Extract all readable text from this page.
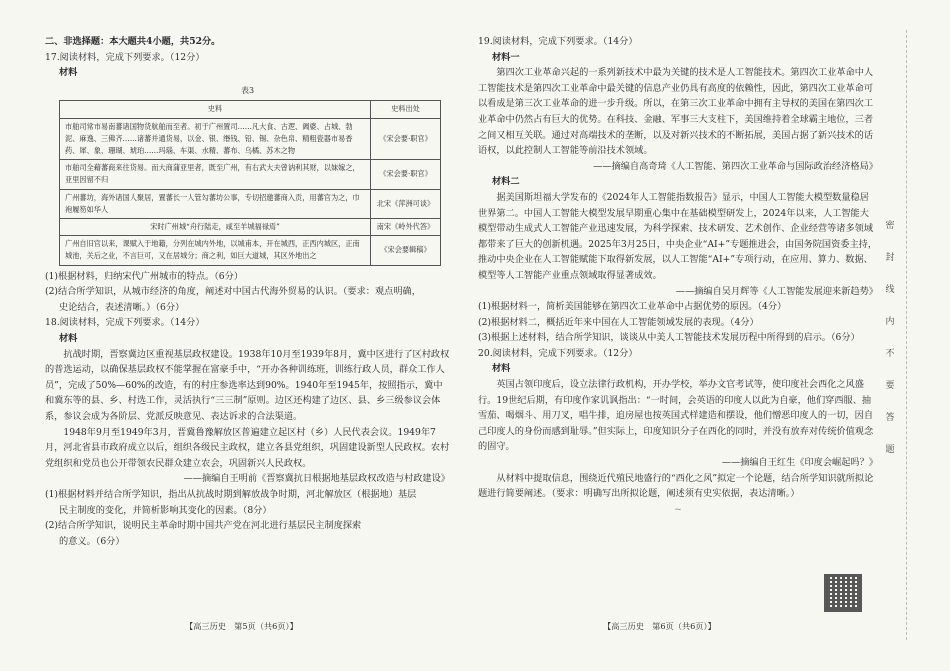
二、非选择题：本大题共4小题，共52分。
17.阅读材料，完成下列要求。（12分）
材料
表3
史料	史料出处
市舶司常市易南蕃诸国物货航舶而至者。初于广州置司……凡大食、古逻、阇婆、占城、勃泥、麻逸、三佛齐……诸蕃并通货易，以金、银、缗钱、铅、锡、杂色帛、精粗瓷器市易香药、犀、象、珊瑚、琥珀……玛瑙、车渠、水精、蕃布、乌橘、苏木之物	《宋会要·职官》
市舶司全藉蕃商来往货易。而大商蒲亚里者，既至广州，有右武大夫曾讷利其财，以妹嫁之，亚里因留不归	《宋会要·职官》
广州蕃坊，海外诸国人聚居，置蕃长一人管勾蕃坊公事，专切招邀蕃商入贡，用蕃官为之，巾袍履笏如华人	北宋《萍洲可谈》
宋时广州城“舟行陆走，咸至羊城福禄焉”	南宋《岭外代答》
广州自旧官以来，课赋入于地籍，分列在城内外地，以城甫本，开在城西，正西内城区，正南城池，关后之业，不言巨可，又在居城分；商之利，如巨大道城，其区外地出之	《宋会要辑稿》
(1)根据材料，归纳宋代广州城市的特点。（6分）
(2)结合所学知识，从城市经济的角度，阐述对中国古代海外贸易的认识。（要求：观点明确，
史论结合，表述清晰。）（6分）
18.阅读材料，完成下列要求。（14分）
材料
抗战时期，晋察冀边区重视基层政权建设。1938年10月至1939年8月，冀中区进行了区村政权的普选运动，以确保基层政权不能掌握在富豪手中，“开办各种训练班，训练行政人员，群众工作人员”，完成了50%—60%的改造，有的村庄参选率达到90%。1940年至1945年，按照指示，冀中和冀东等的县、乡、村选工作，灵活执行“三三制”原则。边区还构建了边区、县、乡三级参议会体系，参议会成为各阶层、党派反映意见、表达诉求的合法渠道。
1948年9月至1949年3月，晋冀鲁豫解放区普遍建立起区村（乡）人民代表会议。1949年7月，河北省县市政府成立以后，组织各级民主政权，建立各县党组织，巩固建设新型人民政权。农村党组织和党员也公开带领农民群众建立农会，巩固新兴人民政权。
——摘编自王明前《晋察冀抗日根据地基层政权改造与村政建设》
(1)根据材料并结合所学知识，指出从抗战时期到解放战争时期，河北解放区（根据地）基层
民主制度的变化，并简析影响其变化的因素。（8分）
(2)结合所学知识，说明民主革命时期中国共产党在河北进行基层民主制度探索
的意义。（6分）
【高三历史　第5页（共6页）】
19.阅读材料，完成下列要求。（14分）
材料一
第四次工业革命兴起的一系列新技术中最为关键的技术是人工智能技术。第四次工业革命中人工智能技术是第四次工业革命中最关键的信息产业仍具有高度的依赖性，因此，第四次工业革命可以看成是第三次工业革命的进一步升级。所以，在第三次工业革命中拥有主导权的美国在第四次工业革命中仍然占有巨大的优势。在科技、金融、军事三大支柱下，美国维持着全球霸主地位，三者之间又相互关联。通过对高端技术的垄断，以及对新兴技术的不断拓展，美国占据了新兴技术的话语权，以此控制人工智能等前沿技术领域。
——摘编自高奇琦《人工智能、第四次工业革命与国际政治经济格局》
材料二
据美国斯坦福大学发布的《2024年人工智能指数报告》显示，中国人工智能大模型数量稳居世界第二。中国人工智能大模型发展早期重心集中在基础模型研发上，2024年以来，人工智能大模型带动生成式人工智能产业迅速发展，为科学探索、技术研发、艺术创作、企业经营等诸多领域都带来了巨大的创新机遇。2025年3月25日，中央企业“AI+”专题推进会，由国务院国资委主持，推动中央企业在人工智能赋能下取得新发展，以人工智能“AI+”专项行动，在应用、算力、数据、模型等人工智能产业重点领域取得显著成效。
——摘编自吴月辉等《人工智能发展迎来新趋势》
(1)根据材料一，简析美国能够在第四次工业革命中占据优势的原因。（4分）
(2)根据材料二，概括近年来中国在人工智能领域发展的表现。（4分）
(3)根据上述材料，结合所学知识，谈谈从中美人工智能技术发展历程中所得到的启示。（6分）
20.阅读材料，完成下列要求。（12分）
材料
英国占领印度后，设立法律行政机构，开办学校，举办文官考试等，使印度社会西化之风盛行。19世纪后期，有印度作家讥讽指出：“一时间，会英语的印度人以此为自豪，他们穿西服、抽雪茄、喝烟斗、用刀叉，唱牛排，追房屋也按英国式样建造和摆设，他们憎恶印度人的一切，因自己印度人的身份而感到耻辱。”但实际上，印度知识分子在西化的同时，并没有放弃对传统价值观念的固守。
——摘编自王红生《印度会崛起吗？》
从材料中提取信息，围绕近代殖民地盛行的“西化之风”拟定一个论题，结合所学知识就所拟论题进行简要阐述。（要求：明确写出所拟论题，阐述须有史实依据，表达清晰。）
~
【高三历史　第6页（共6页）】
密
封
线
内
不
要
答
题
